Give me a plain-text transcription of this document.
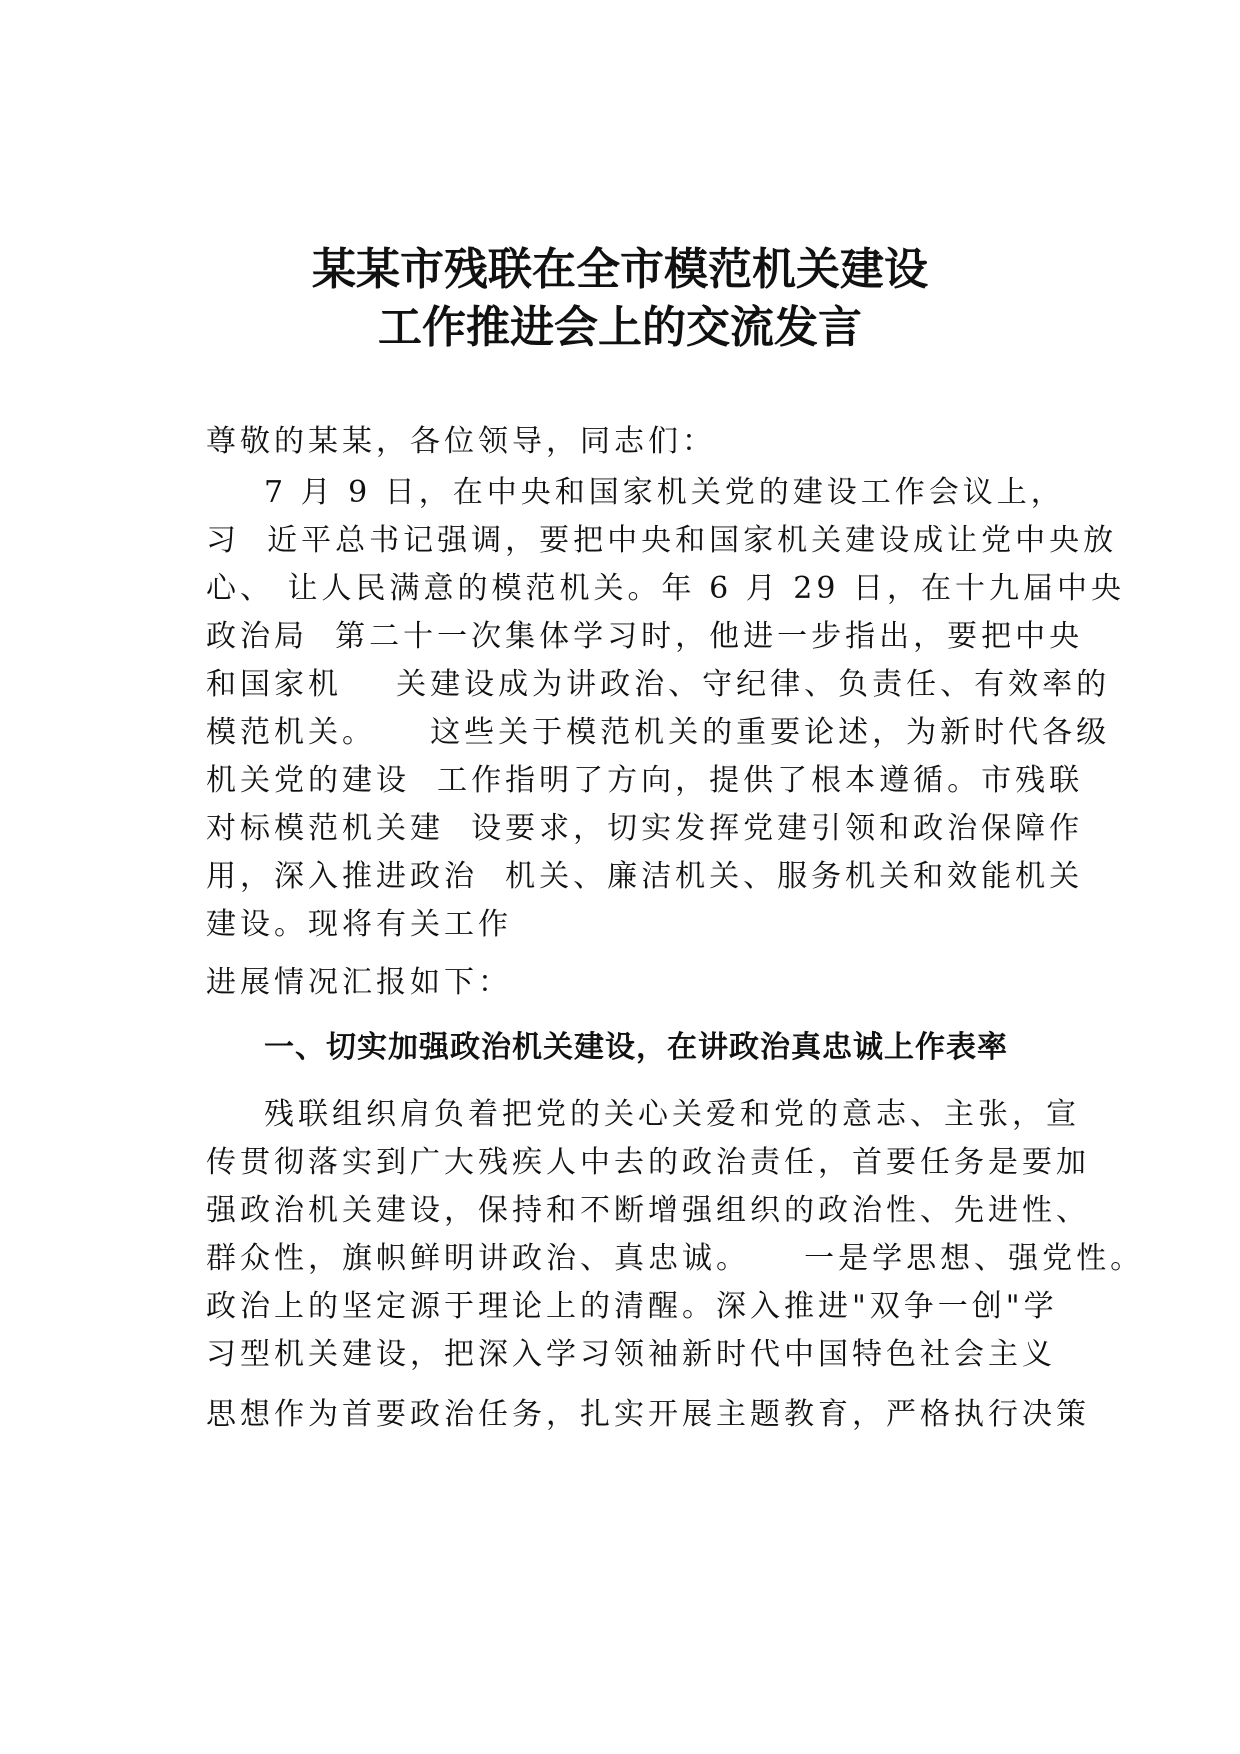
某某市残联在全市模范机关建设
工作推进会上的交流发言
尊敬的某某，各位领导，同志们：
7 月 9 日，在中央和国家机关党的建设工作会议上，
习  近平总书记强调，要把中央和国家机关建设成让党中央放
心、 让人民满意的模范机关。年 6 月 29 日，在十九届中央
政治局  第二十一次集体学习时，他进一步指出，要把中央
和国家机    关建设成为讲政治、守纪律、负责任、有效率的
模范机关。    这些关于模范机关的重要论述，为新时代各级
机关党的建设  工作指明了方向，提供了根本遵循。市残联
对标模范机关建  设要求，切实发挥党建引领和政治保障作
用，深入推进政治  机关、廉洁机关、服务机关和效能机关
建设。现将有关工作
进展情况汇报如下：
一、切实加强政治机关建设，在讲政治真忠诚上作表率
残联组织肩负着把党的关心关爱和党的意志、主张，宣
传贯彻落实到广大残疾人中去的政治责任，首要任务是要加
强政治机关建设，保持和不断增强组织的政治性、先进性、
群众性，旗帜鲜明讲政治、真忠诚。    一是学思想、强党性。
政治上的坚定源于理论上的清醒。深入推进"双争一创"学
习型机关建设，把深入学习领袖新时代中国特色社会主义
思想作为首要政治任务，扎实开展主题教育，严格执行决策
